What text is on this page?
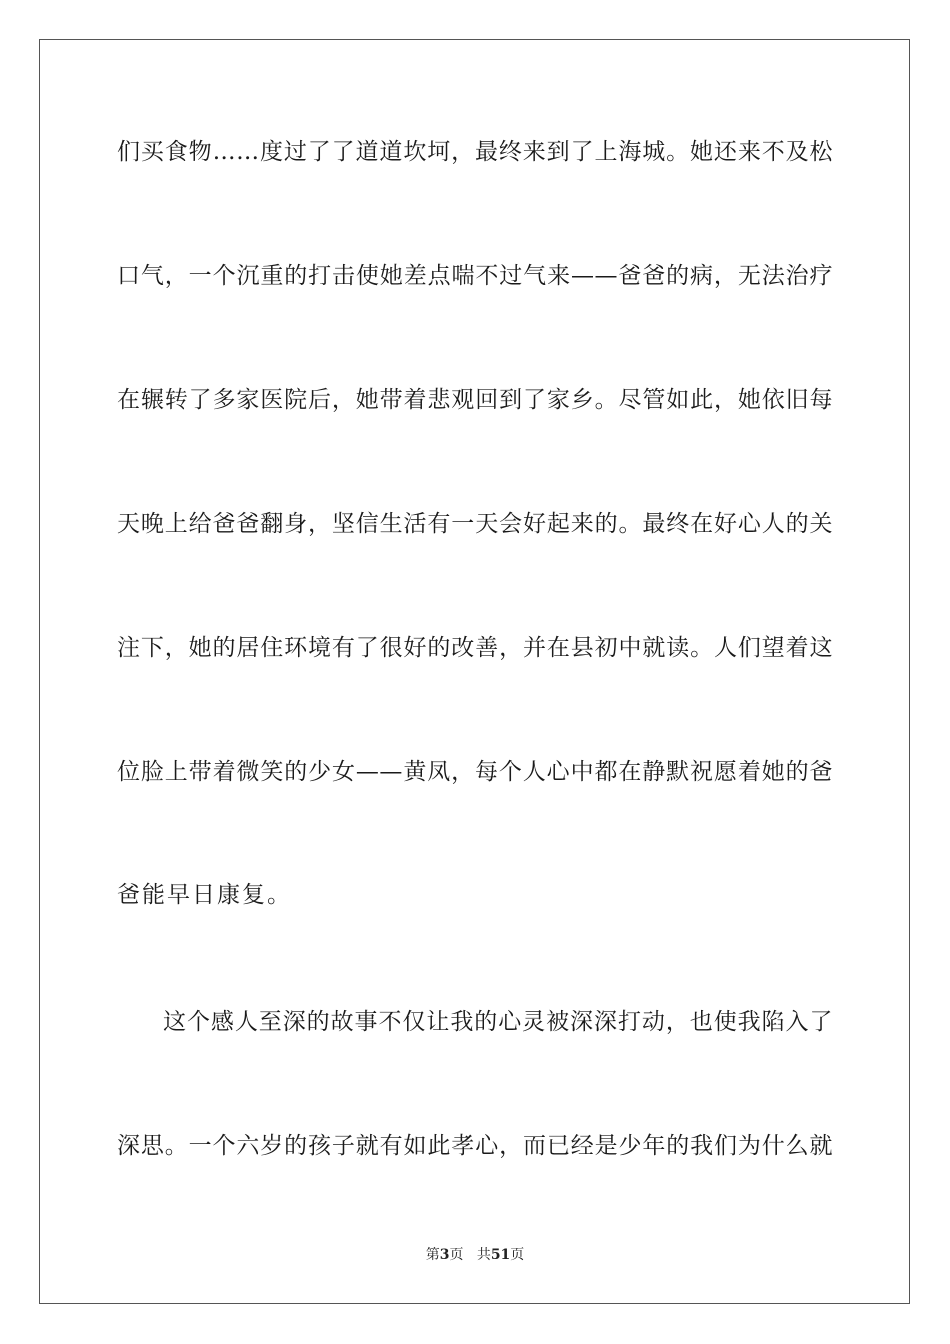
们买食物……度过了了道道坎坷，最终来到了上海城。她还来不及松
口气，一个沉重的打击使她差点喘不过气来——爸爸的病，无法治疗
在辗转了多家医院后，她带着悲观回到了家乡。尽管如此，她依旧每
天晚上给爸爸翻身，坚信生活有一天会好起来的。最终在好心人的关
注下，她的居住环境有了很好的改善，并在县初中就读。人们望着这
位脸上带着微笑的少女——黄凤，每个人心中都在静默祝愿着她的爸
爸能早日康复。
这个感人至深的故事不仅让我的心灵被深深打动，也使我陷入了
深思。一个六岁的孩子就有如此孝心，而已经是少年的我们为什么就
第3页 共51页
